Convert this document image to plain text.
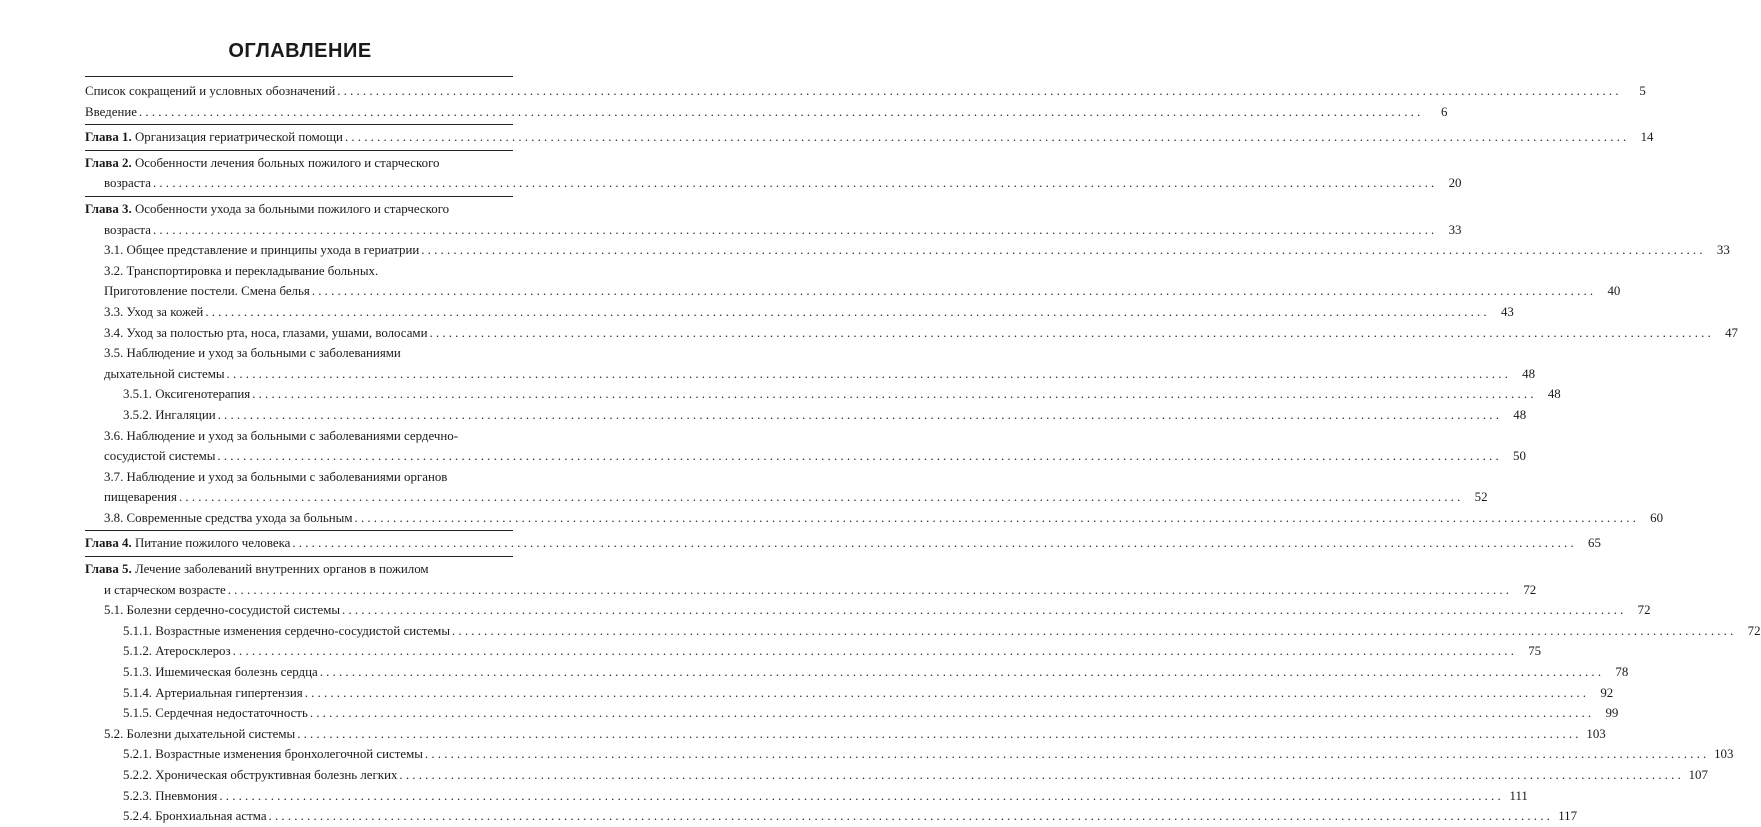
ОГЛАВЛЕНИЕ
Список сокращений и условных обозначений ........................................................................................................................................................................................................	5
Введение ........................................................................................................................................................................................................	6
Глава 1. Организация гериатрической помощи ........................................................................................................................................................................................................ 14
Глава 2. Особенности лечения больных пожилого и старческого
возраста ........................................................................................................................................................................................................ 20
Глава 3. Особенности ухода за больными пожилого и старческого
возраста ........................................................................................................................................................................................................ 33
3.1. Общее представление и принципы ухода в гериатрии ........................................................................................................................................................................................................ 33
3.2. Транспортировка и перекладывание больных.
Приготовление постели. Смена белья ........................................................................................................................................................................................................ 40
3.3. Уход за кожей ........................................................................................................................................................................................................ 43
3.4. Уход за полостью рта, носа, глазами, ушами, волосами ........................................................................................................................................................................................................ 47
3.5. Наблюдение и уход за больными с заболеваниями
дыхательной системы ........................................................................................................................................................................................................ 48
3.5.1. Оксигенотерапия ........................................................................................................................................................................................................ 48
3.5.2. Ингаляции ........................................................................................................................................................................................................ 48
3.6. Наблюдение и уход за больными с заболеваниями сердечно-
сосудистой системы ........................................................................................................................................................................................................ 50
3.7. Наблюдение и уход за больными с заболеваниями органов
пищеварения ........................................................................................................................................................................................................ 52
3.8. Современные средства ухода за больным ........................................................................................................................................................................................................ 60
Глава 4. Питание пожилого человека ........................................................................................................................................................................................................ 65
Глава 5. Лечение заболеваний внутренних органов в пожилом
и старческом возрасте ........................................................................................................................................................................................................ 72
5.1. Болезни сердечно-сосудистой системы ........................................................................................................................................................................................................ 72
5.1.1. Возрастные изменения сердечно-сосудистой системы ........................................................................................................................................................................................................ 72
5.1.2. Атеросклероз ........................................................................................................................................................................................................ 75
5.1.3. Ишемическая болезнь сердца ........................................................................................................................................................................................................ 78
5.1.4. Артериальная гипертензия ........................................................................................................................................................................................................ 92
5.1.5. Сердечная недостаточность ........................................................................................................................................................................................................ 99
5.2. Болезни дыхательной системы ........................................................................................................................................................................................................ 103
5.2.1. Возрастные изменения бронхолегочной системы ........................................................................................................................................................................................................ 103
5.2.2. Хроническая обструктивная болезнь легких ........................................................................................................................................................................................................ 107
5.2.3. Пневмония ........................................................................................................................................................................................................ 111
5.2.4. Бронхиальная астма ........................................................................................................................................................................................................ 117
